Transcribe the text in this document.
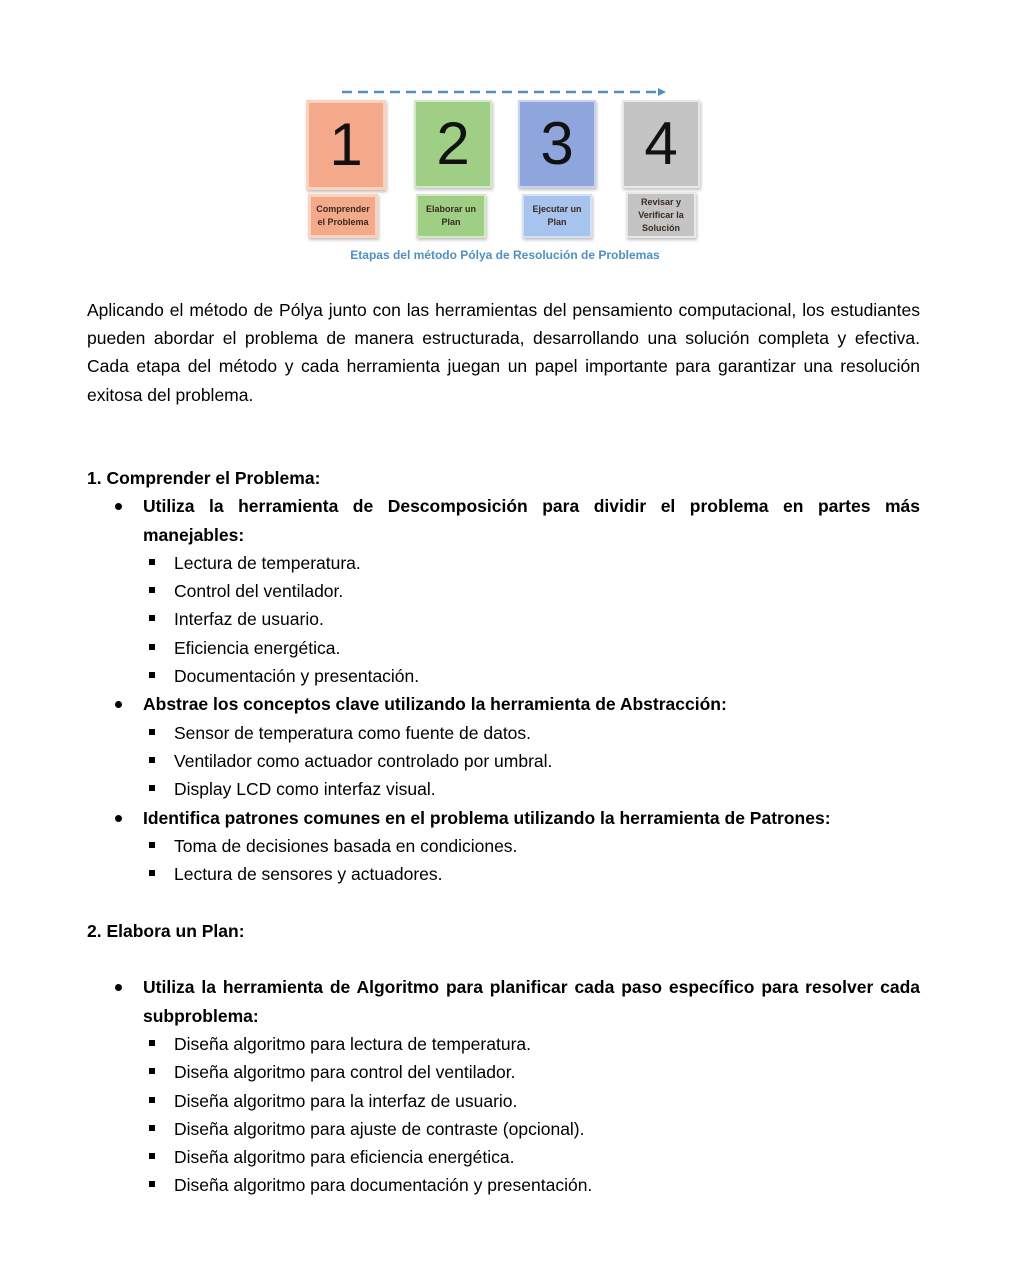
1 2 3 4
Comprender
el Problema
Elaborar un
Plan
Ejecutar un
Plan
Revisar y
Verificar la
Solución
Etapas del método Pólya de Resolución de Problemas

Aplicando el método de Pólya junto con las herramientas del pensamiento computacional, los estudiantes pueden abordar el problema de manera estructurada, desarrollando una solución completa y efectiva. Cada etapa del método y cada herramienta juegan un papel importante para garantizar una resolución exitosa del problema.

1. Comprender el Problema:
Utiliza la herramienta de Descomposición para dividir el problema en partes más manejables:
Lectura de temperatura.
Control del ventilador.
Interfaz de usuario.
Eficiencia energética.
Documentación y presentación.
Abstrae los conceptos clave utilizando la herramienta de Abstracción:
Sensor de temperatura como fuente de datos.
Ventilador como actuador controlado por umbral.
Display LCD como interfaz visual.
Identifica patrones comunes en el problema utilizando la herramienta de Patrones:
Toma de decisiones basada en condiciones.
Lectura de sensores y actuadores.
2. Elabora un Plan:
Utiliza la herramienta de Algoritmo para planificar cada paso específico para resolver cada subproblema:
Diseña algoritmo para lectura de temperatura.
Diseña algoritmo para control del ventilador.
Diseña algoritmo para la interfaz de usuario.
Diseña algoritmo para ajuste de contraste (opcional).
Diseña algoritmo para eficiencia energética.
Diseña algoritmo para documentación y presentación.
